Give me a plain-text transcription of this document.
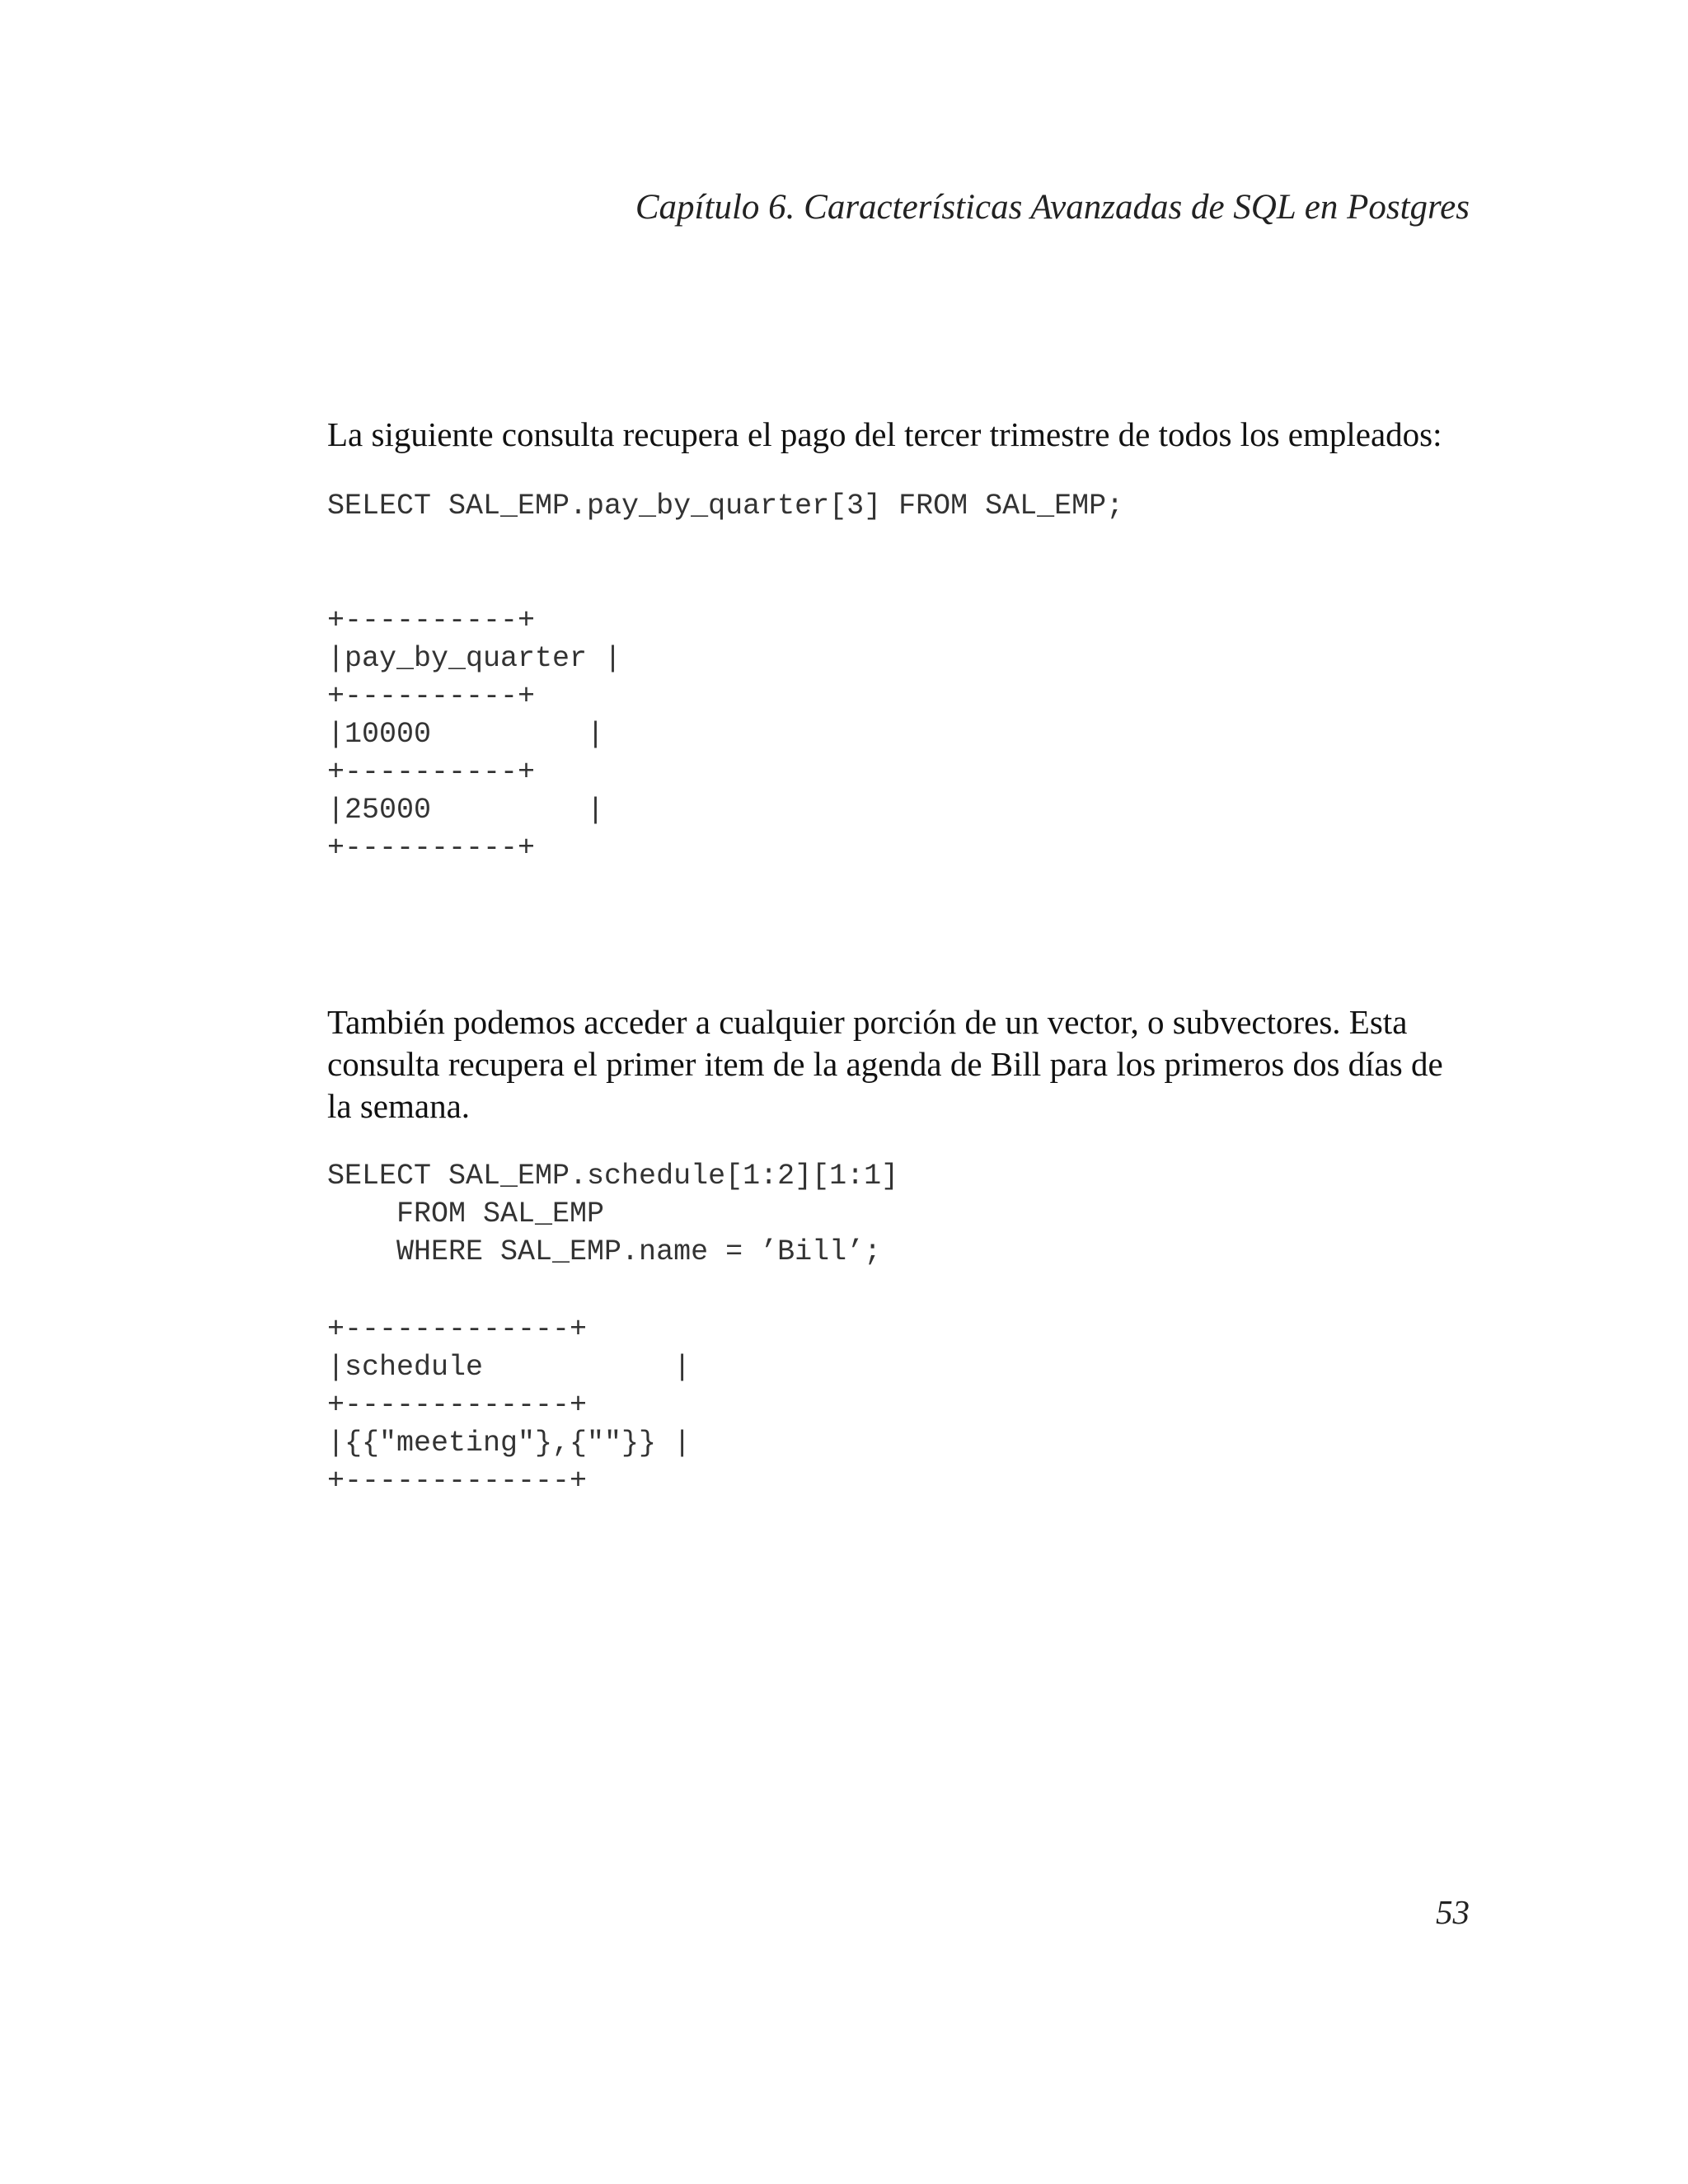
Capítulo 6. Características Avanzadas de SQL en Postgres

La siguiente consulta recupera el pago del tercer trimestre de todos los empleados:

SELECT SAL_EMP.pay_by_quarter[3] FROM SAL_EMP;
+----------+
|pay_by_quarter |
+----------+
|10000         |
+----------+
|25000         |
+----------+

También podemos acceder a cualquier porción de un vector, o subvectores. Esta consulta recupera el primer item de la agenda de Bill para los primeros dos días de la semana.

SELECT SAL_EMP.schedule[1:2][1:1]
FROM SAL_EMP
WHERE SAL_EMP.name = ’Bill’;
+-------------+
|schedule           |
+-------------+
|{{"meeting"},{""}} |
+-------------+
53
